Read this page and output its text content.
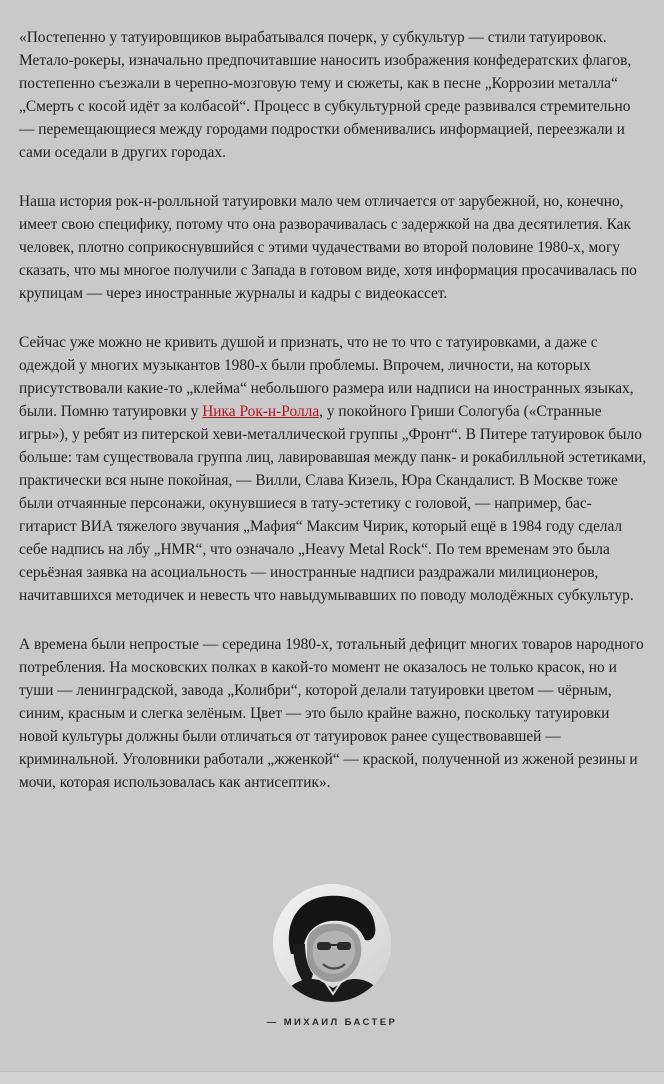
«Постепенно у татуировщиков вырабатывался почерк, у субкультур — стили татуировок. Метало-рокеры, изначально предпочитавшие наносить изображения конфедератских флагов, постепенно съезжали в черепно-мозговую тему и сюжеты, как в песне „Коррозии металла“ „Смерть с косой идёт за колбасой“. Процесс в субкультурной среде развивался стремительно — перемещающиеся между городами подростки обменивались информацией, переезжали и сами оседали в других городах.

Наша история рок-н-ролльной татуировки мало чем отличается от зарубежной, но, конечно, имеет свою специфику, потому что она разворачивалась с задержкой на два десятилетия. Как человек, плотно соприкоснувшийся с этими чудачествами во второй половине 1980-х, могу сказать, что мы многое получили с Запада в готовом виде, хотя информация просачивалась по крупицам — через иностранные журналы и кадры с видеокассет.

Сейчас уже можно не кривить душой и признать, что не то что с татуировками, а даже с одеждой у многих музыкантов 1980-х были проблемы. Впрочем, личности, на которых присутствовали какие-то „клейма“ небольшого размера или надписи на иностранных языках, были. Помню татуировки у Ника Рок-н-Ролла, у покойного Гриши Сологуба («Странные игры»), у ребят из питерской хеви-металлической группы „Фронт“. В Питере татуировок было больше: там существовала группа лиц, лавировавшая между панк- и рокабилльной эстетиками, практически вся ныне покойная, — Вилли, Слава Кизель, Юра Скандалист. В Москве тоже были отчаянные персонажи, окунувшиеся в тату-эстетику с головой, — например, бас-гитарист ВИА тяжелого звучания „Мафия“ Максим Чирик, который ещё в 1984 году сделал себе надпись на лбу „HMR“, что означало „Heavy Metal Rock“. По тем временам это была серьёзная заявка на асоциальность — иностранные надписи раздражали милиционеров, начитавшихся методичек и невесть что навыдумывавших по поводу молодёжных субкультур.

А времена были непростые — середина 1980-х, тотальный дефицит многих товаров народного потребления. На московских полках в какой-то момент не оказалось не только красок, но и туши — ленинградской, завода „Колибри“, которой делали татуировки цветом — чёрным, синим, красным и слегка зелёным. Цвет — это было крайне важно, поскольку татуировки новой культуры должны были отличаться от татуировок ранее существовавшей — криминальной. Уголовники работали „жженкой“ — краской, полученной из жженой резины и мочи, которая использовалась как антисептик».

— МИХАИЛ БАСТЕР
